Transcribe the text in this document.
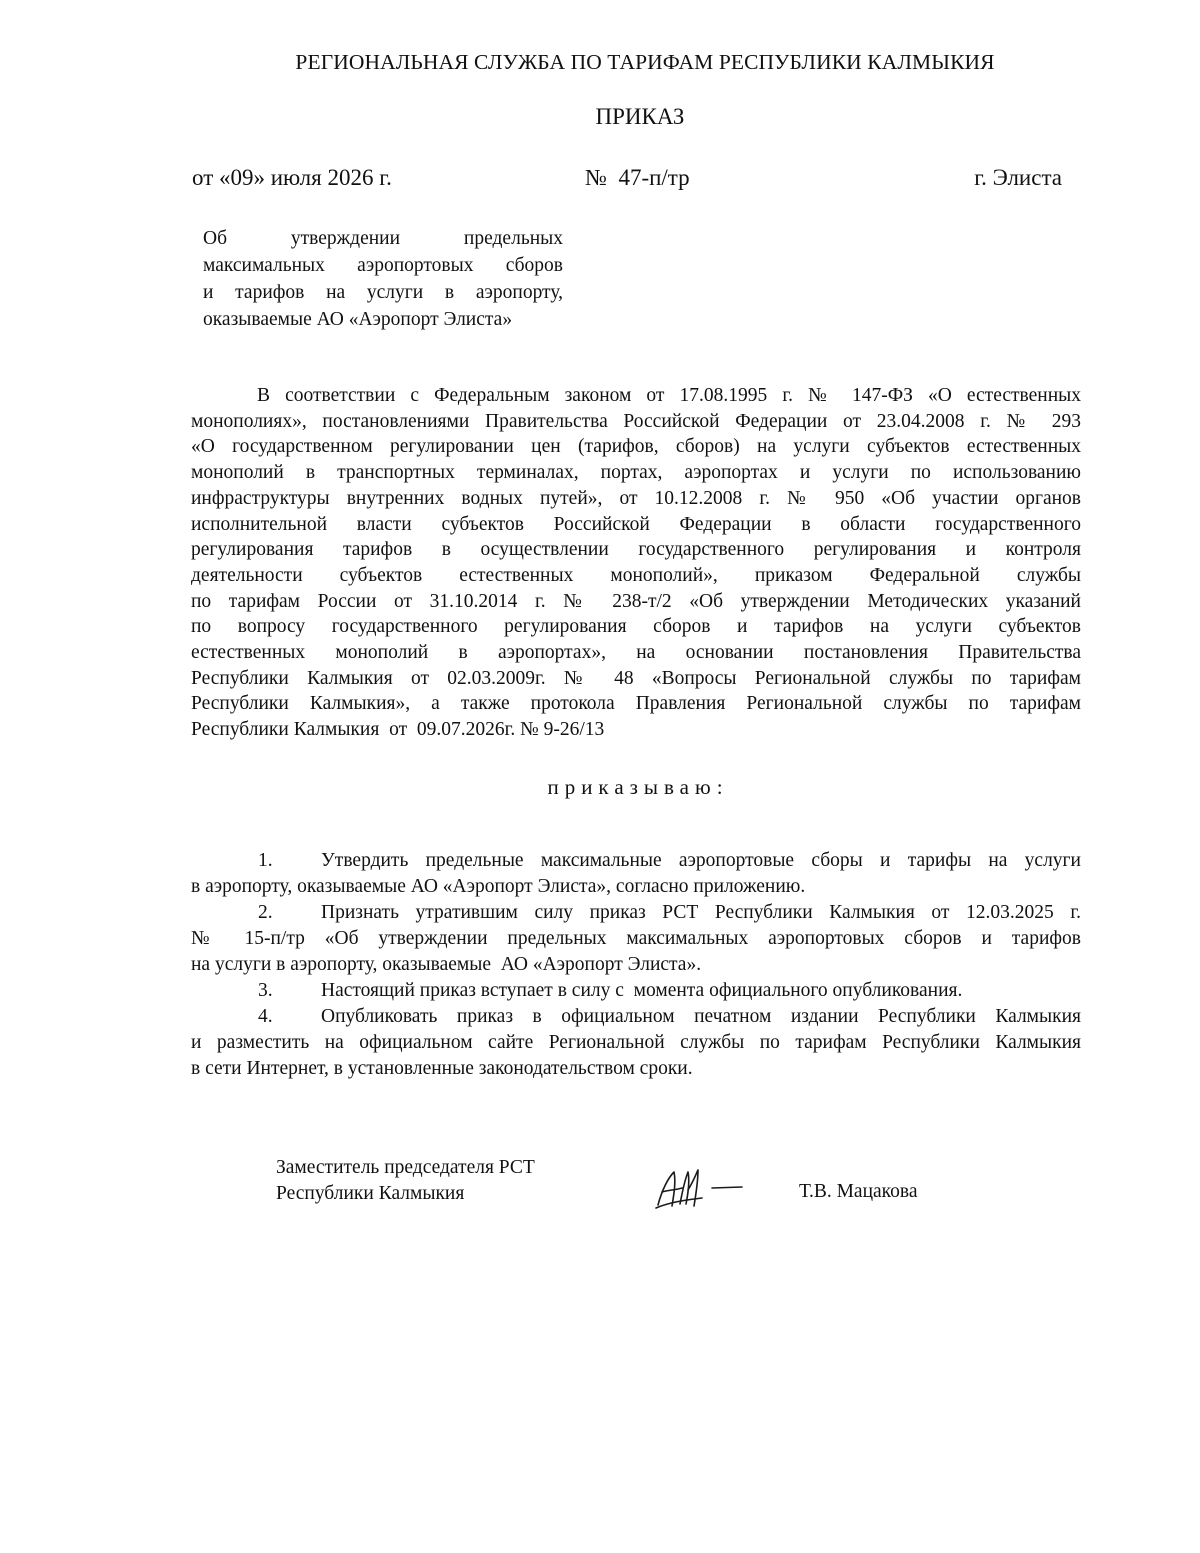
РЕГИОНАЛЬНАЯ СЛУЖБА ПО ТАРИФАМ РЕСПУБЛИКИ КАЛМЫКИЯ
ПРИКАЗ
от «09» июля 2026 г.	№  47-п/тр	г. Элиста
Об утверждении предельных
максимальных аэропортовых сборов
и тарифов на услуги в аэропорту,
оказываемые АО «Аэропорт Элиста»
В соответствии с Федеральным законом от 17.08.1995 г. № 147-ФЗ «О естественных
монополиях», постановлениями Правительства Российской Федерации от 23.04.2008 г. № 293
«О государственном регулировании цен (тарифов, сборов) на услуги субъектов естественных
монополий в транспортных терминалах, портах, аэропортах и услуги по использованию
инфраструктуры внутренних водных путей», от 10.12.2008 г. № 950 «Об участии органов
исполнительной власти субъектов Российской Федерации в области государственного
регулирования тарифов в осуществлении государственного регулирования и контроля
деятельности субъектов естественных монополий», приказом Федеральной службы
по тарифам России от 31.10.2014 г. № 238-т/2 «Об утверждении Методических указаний
по вопросу государственного регулирования сборов и тарифов на услуги субъектов
естественных монополий в аэропортах», на основании постановления Правительства
Республики Калмыкия от 02.03.2009г. № 48 «Вопросы Региональной службы по тарифам
Республики Калмыкия», а также протокола Правления Региональной службы по тарифам
Республики Калмыкия  от  09.07.2026г. № 9-26/13
приказываю:
1. Утвердить предельные максимальные аэропортовые сборы и тарифы на услуги
в аэропорту, оказываемые АО «Аэропорт Элиста», согласно приложению.
2. Признать утратившим силу приказ РСТ Республики Калмыкия от 12.03.2025 г.
№ 15-п/тр «Об утверждении предельных максимальных аэропортовых сборов и тарифов
на услуги в аэропорту, оказываемые  АО «Аэропорт Элиста».
3. Настоящий приказ вступает в силу с  момента официального опубликования.
4. Опубликовать приказ в официальном печатном издании Республики Калмыкия
и разместить на официальном сайте Региональной службы по тарифам Республики Калмыкия
в сети Интернет, в установленные законодательством сроки.
Заместитель председателя РСТ
Республики Калмыкия	Т.В. Мацакова
